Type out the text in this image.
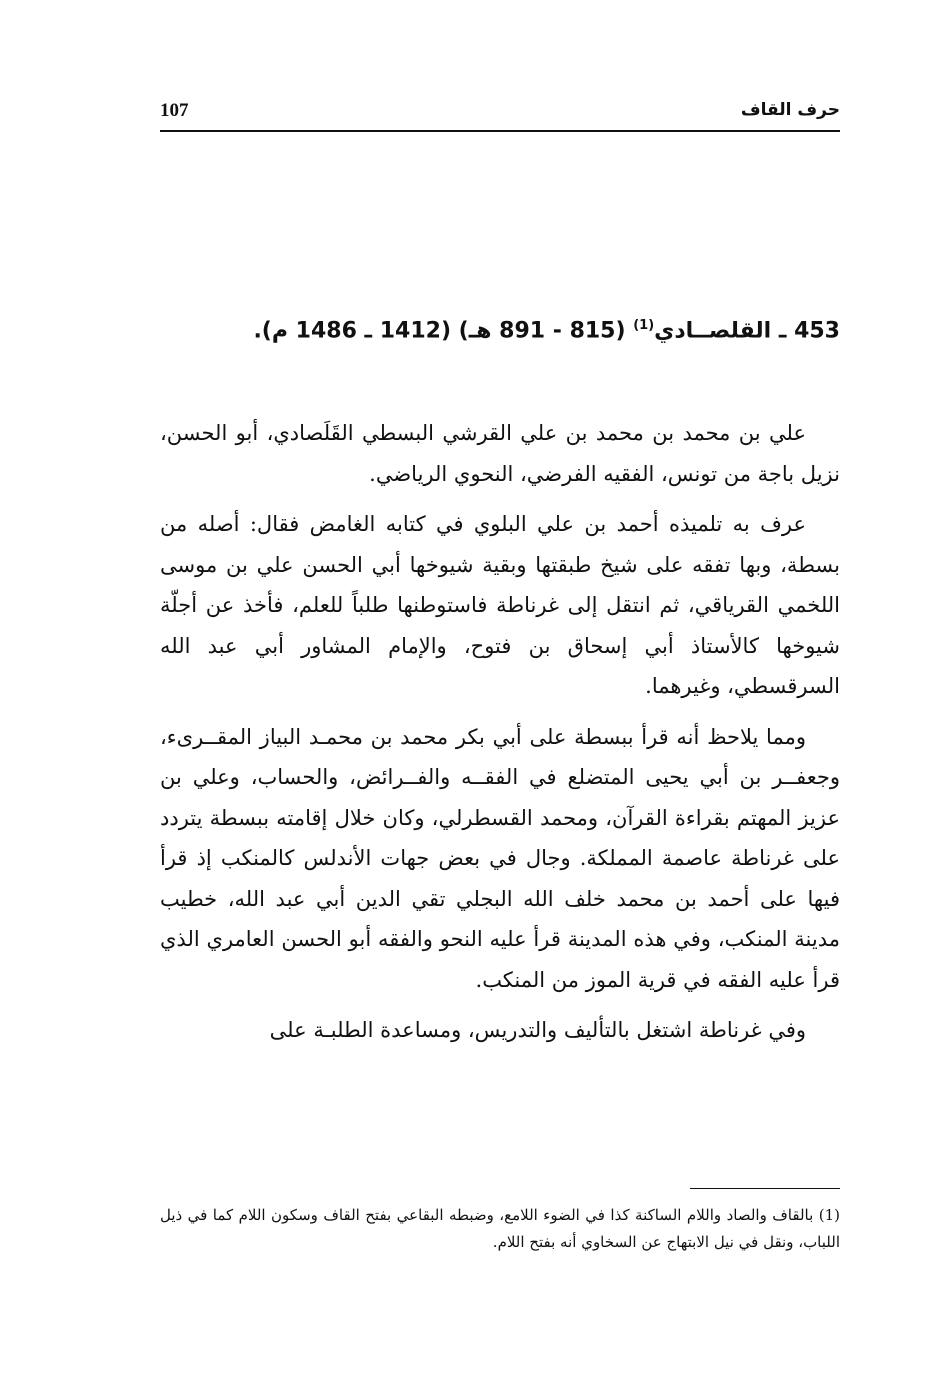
107	حرف القاف
453 ـ القلصــادي$^{(1)}$ (815 - 891 هـ) (1412 ـ 1486 م).

علي بن محمد بن محمد بن علي القرشي البسطي القَلَصادي، أبو الحسن، نزيل باجة من تونس، الفقيه الفرضي، النحوي الرياضي.

عرف به تلميذه أحمد بن علي البلوي في كتابه الغامض فقال: أصله من بسطة، وبها تفقه على شيخ طبقتها وبقية شيوخها أبي الحسن علي بن موسى اللخمي القرياقي، ثم انتقل إلى غرناطة فاستوطنها طلباً للعلم، فأخذ عن أجلّة شيوخها كالأستاذ أبي إسحاق بن فتوح، والإمام المشاور أبي عبد الله السرقسطي، وغيرهما.

ومما يلاحظ أنه قرأ ببسطة على أبي بكر محمد بن محمـد البياز المقــرىء، وجعفــر بن أبي يحيى المتضلع في الفقــه والفــرائض، والحساب، وعلي بن عزيز المهتم بقراءة القرآن، ومحمد القسطرلي، وكان خلال إقامته ببسطة يتردد على غرناطة عاصمة المملكة. وجال في بعض جهات الأندلس كالمنكب إذ قرأ فيها على أحمد بن محمد خلف الله البجلي تقي الدين أبي عبد الله، خطيب مدينة المنكب، وفي هذه المدينة قرأ عليه النحو والفقه أبو الحسن العامري الذي قرأ عليه الفقه في قرية الموز من المنكب.

وفي غرناطة اشتغل بالتأليف والتدريس، ومساعدة الطلبـة على

(1) بالقاف والصاد واللام الساكنة كذا في الضوء اللامع، وضبطه البقاعي بفتح القاف وسكون اللام كما في ذيل اللباب، ونقل في نيل الابتهاج عن السخاوي أنه بفتح اللام.
